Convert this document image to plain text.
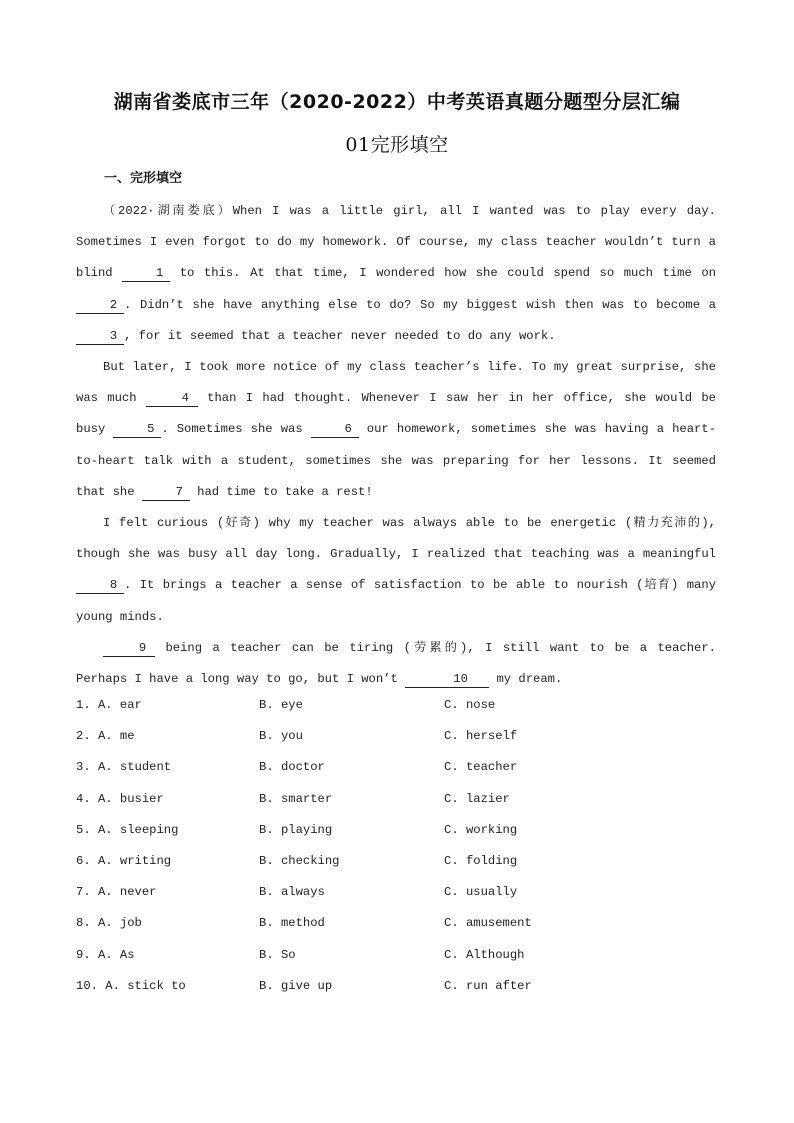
湖南省娄底市三年（2020-2022）中考英语真题分题型分层汇编
01完形填空
一、完形填空

（2022·湖南娄底）When I was a little girl, all I wanted was to play every day. Sometimes I even forgot to do my homework. Of course, my class teacher wouldn’t turn a blind	1 to this. At that time, I wondered how she could spend so much time on 2 . Didn’t she have anything else to do? So my biggest wish then was to become a 3 , for it seemed that a teacher never needed to do any work.

But later, I took more notice of my class teacher’s life. To my great surprise, she was much	4 than I had thought. Whenever I saw her in her office, she would be busy	5 . Sometimes she was	6 our homework, sometimes she was having a heart-to-heart talk with a student, sometimes she was preparing for her lessons. It seemed that she	7 had time to take a rest!

I felt curious (好奇) why my teacher was always able to be energetic (精力充沛的), though she was busy all day long. Gradually, I realized that teaching was a meaningful 8 . It brings a teacher a sense of satisfaction to be able to nourish (培育) many young minds.

9 being a teacher can be tiring (劳累的), I still want to be a teacher. Perhaps I have a long way to go, but I won’t	10 my dream.

1. A. ear	B. eye	C. nose
2. A. me	B. you	C. herself
3. A. student	B. doctor	C. teacher
4. A. busier	B. smarter	C. lazier
5. A. sleeping	B. playing	C. working
6. A. writing	B. checking	C. folding
7. A. never	B. always	C. usually
8. A. job	B. method	C. amusement
9. A. As	B. So	C. Although
10. A. stick to	B. give up	C. run after
